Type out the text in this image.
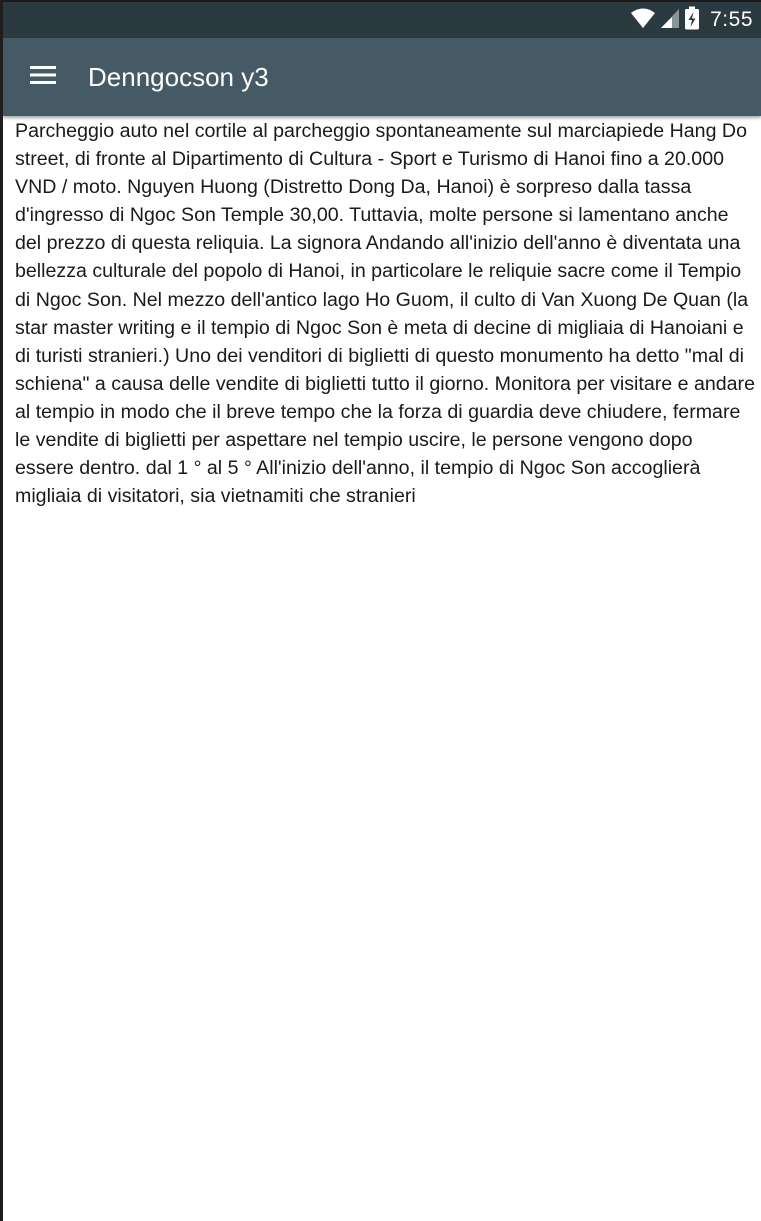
7:55
Denngocson y3

Parcheggio auto nel cortile al parcheggio spontaneamente sul marciapiede Hang Do street, di fronte al Dipartimento di Cultura - Sport e Turismo di Hanoi fino a 20.000 VND / moto. Nguyen Huong (Distretto Dong Da, Hanoi) è sorpreso dalla tassa d'ingresso di Ngoc Son Temple 30,00. Tuttavia, molte persone si lamentano anche del prezzo di questa reliquia. La signora Andando all'inizio dell'anno è diventata una bellezza culturale del popolo di Hanoi, in particolare le reliquie sacre come il Tempio di Ngoc Son. Nel mezzo dell'antico lago Ho Guom, il culto di Van Xuong De Quan (la star master writing e il tempio di Ngoc Son è meta di decine di migliaia di Hanoiani e di turisti stranieri.) Uno dei venditori di biglietti di questo monumento ha detto "mal di schiena" a causa delle vendite di biglietti tutto il giorno. Monitora per visitare e andare al tempio in modo che il breve tempo che la forza di guardia deve chiudere, fermare le vendite di biglietti per aspettare nel tempio uscire, le persone vengono dopo essere dentro. dal 1 ° al 5 ° All'inizio dell'anno, il tempio di Ngoc Son accoglierà migliaia di visitatori, sia vietnamiti che stranieri
